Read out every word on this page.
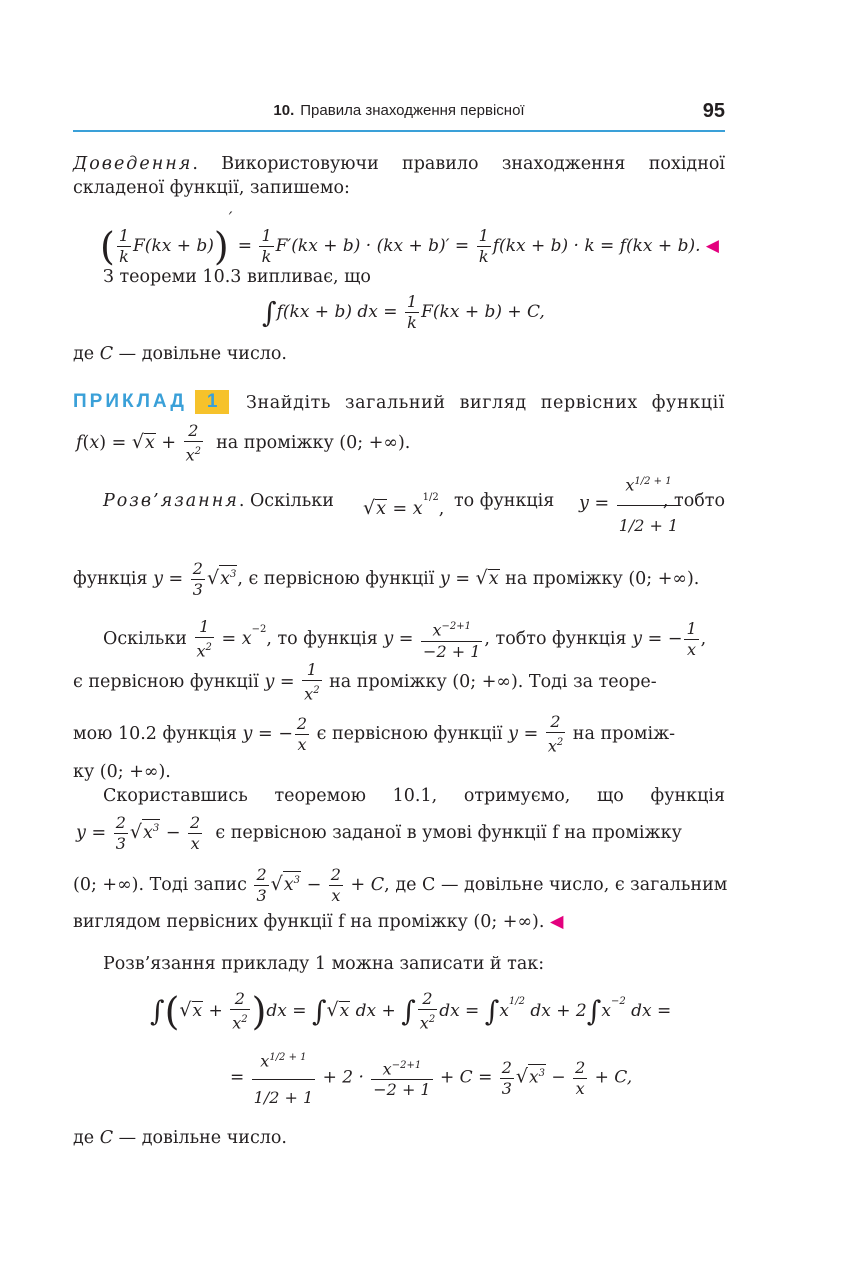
10. Правила знаходження первісної	95
Доведення. Використовуючи правило знаходження похідної
складеної функції, запишемо:
( $\frac{1}{k} F(kx + b))' = \frac{1}{k} F'(kx + b) \cdot (kx + b)' = \frac{1}{k} f(kx + b) \cdot k = f(kx + b)$. ◀
З теореми 10.3 випливає, що
∫f(kx + b) dx = $\frac{1}{k} F(kx + b) + C$,
де C — довільне число.
ПРИКЛАД 1	Знайдіть загальний вигляд первісних функції
$f(x) = √x + \frac{2}{x^2}$ на проміжку (0; +∞).
Розв’язання. Оскільки $√x = x^{1/2}$, то функція $y = \frac{x^{1/2 + 1}}{1/2 + 1}$
, тобто
функція $y = \frac{2}{3} √x^3$, є первісною функції y = √x на проміжку (0; +∞).
Оскільки $\frac{1}{x^2} = x^{-2}$, то функція $y = \frac{x^{-2+1}}{-2 + 1}$ , тобто функція y = − $\frac{1}{x}$ ,
є первісною функції $y = \frac{1}{x^2}$ на проміжку (0; +∞). Тоді за теоре-
мою 10.2 функція y = − $\frac{2}{x}$ є первісною функції $y = \frac{2}{x^2}$ на проміж-
ку (0; +∞).
Скориставшись теоремою 10.1, отримуємо, що функція
$y = \frac{2}{3} √x^3 - \frac{2}{x}$ є первісною заданої в умові функції f на проміжку
(0; +∞). Тоді запис $\frac{2}{3} √x^3 - \frac{2}{x} + C$, де C — довільне число, є загальним
виглядом первісних функції f на проміжку (0; +∞). ◀
Розв’язання прикладу 1 можна записати й так:
$\int(√x + \frac{2}{x^2} )dx = \int√x$ dx + ∫ $\frac{2}{x^2}$ dx = $\int x^{1/2}$ dx + $2\int x^{-2}$ dx =
= $\frac{x^{1/2 + 1}}{1/2 + 1} + 2 \cdot \frac{x^{-2+1}}{-2 + 1} + C = \frac{2}{3} √x^3 - \frac{2}{x} + C$,
де C — довільне число.
